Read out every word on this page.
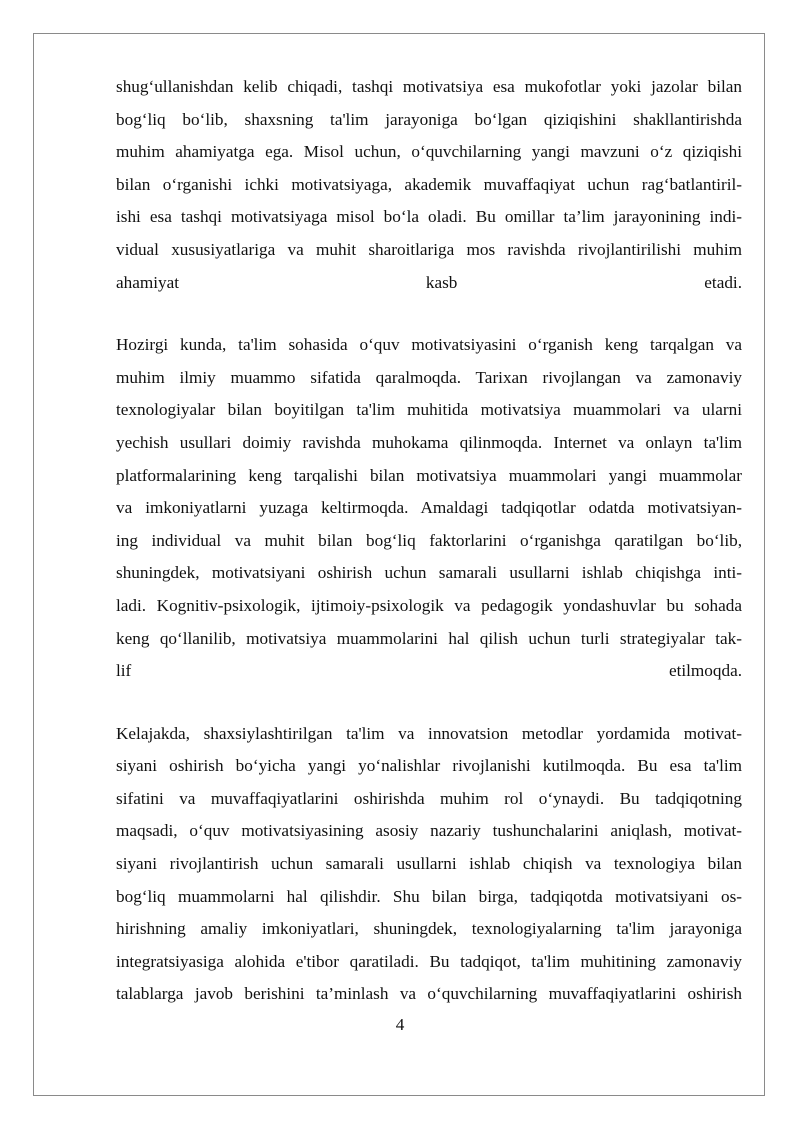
shug‘ullanishdan kelib chiqadi, tashqi motivatsiya esa mukofotlar yoki jazolar bilan
bog‘liq bo‘lib, shaxsning ta'lim jarayoniga bo‘lgan qiziqishini shakllantirishda
muhim ahamiyatga ega. Misol uchun, o‘quvchilarning yangi mavzuni o‘z qiziqishi
bilan o‘rganishi ichki motivatsiyaga, akademik muvaffaqiyat uchun rag‘batlantiril-
ishi esa tashqi motivatsiyaga misol bo‘la oladi. Bu omillar ta’lim jarayonining indi-
vidual xususiyatlariga va muhit sharoitlariga mos ravishda rivojlantirilishi muhim
ahamiyat kasb etadi.

Hozirgi kunda, ta'lim sohasida o‘quv motivatsiyasini o‘rganish keng tarqalgan va
muhim ilmiy muammo sifatida qaralmoqda. Tarixan rivojlangan va zamonaviy
texnologiyalar bilan boyitilgan ta'lim muhitida motivatsiya muammolari va ularni
yechish usullari doimiy ravishda muhokama qilinmoqda. Internet va onlayn ta'lim
platformalarining keng tarqalishi bilan motivatsiya muammolari yangi muammolar
va imkoniyatlarni yuzaga keltirmoqda. Amaldagi tadqiqotlar odatda motivatsiyan-
ing individual va muhit bilan bog‘liq faktorlarini o‘rganishga qaratilgan bo‘lib,
shuningdek, motivatsiyani oshirish uchun samarali usullarni ishlab chiqishga inti-
ladi. Kognitiv-psixologik, ijtimoiy-psixologik va pedagogik yondashuvlar bu sohada
keng qo‘llanilib, motivatsiya muammolarini hal qilish uchun turli strategiyalar tak-
lif etilmoqda.

Kelajakda, shaxsiylashtirilgan ta'lim va innovatsion metodlar yordamida motivat-
siyani oshirish bo‘yicha yangi yo‘nalishlar rivojlanishi kutilmoqda. Bu esa ta'lim
sifatini va muvaffaqiyatlarini oshirishda muhim rol o‘ynaydi. Bu tadqiqotning
maqsadi, o‘quv motivatsiyasining asosiy nazariy tushunchalarini aniqlash, motivat-
siyani rivojlantirish uchun samarali usullarni ishlab chiqish va texnologiya bilan
bog‘liq muammolarni hal qilishdir. Shu bilan birga, tadqiqotda motivatsiyani os-
hirishning amaliy imkoniyatlari, shuningdek, texnologiyalarning ta'lim jarayoniga
integratsiyasiga alohida e'tibor qaratiladi. Bu tadqiqot, ta'lim muhitining zamonaviy
talablarga javob berishini ta’minlash va o‘quvchilarning muvaffaqiyatlarini oshirish

4
